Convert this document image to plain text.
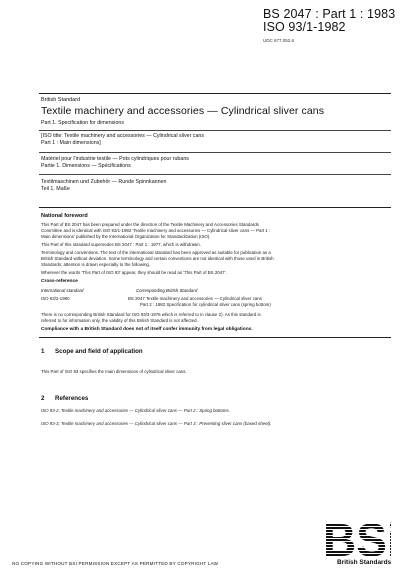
BS 2047 : Part 1 : 1983
ISO 93/1-1982
UDC 677.052.6
British Standard
Textile machinery and accessories — Cylindrical sliver cans
Part 1. Specification for dimensions
[ISO title: Textile machinery and accessories — Cylindrical sliver cans
Part 1 : Main dimensions]
Matériel pour l'industrie textile — Pots cylindriques pour rubans
Partie 1. Dimensions — Spécifications
Textilmaschinen und Zubehör — Runde Spinnkannen
Teil 1. Maße
National foreword
This Part of BS 2047 has been prepared under the direction of the Textile Machinery and Accessories Standards
Committee and is identical with ISO 93/1-1982 'Textile machinery and accessories — Cylindrical sliver cans — Part 1 :
Main dimensions' published by the International Organization for Standardization (ISO).
This Part of this standard supersedes BS 2047 : Part 1 : 1977, which is withdrawn.
Terminology and conventions. The text of the international standard has been approved as suitable for publication as a
British Standard without deviation. Some terminology and certain conventions are not identical with those used in British
Standards; attention is drawn especially to the following.
Wherever the words 'This Part of ISO 93' appear, they should be read as 'This Part of BS 2047'.
Cross-reference
International standard	Corresponding British Standard
ISO 93/2-1980	BS 2047 Textile machinery and accessories — Cylindrical sliver cans
Part 2 : 1982 Specification for cylindrical sliver cans (spring bottom)
There is no corresponding British Standard for ISO 93/3-1976 which is referred to in clause 2). As this standard is
referred to for information only, the validity of this British Standard is not affected.
Compliance with a British Standard does not of itself confer immunity from legal obligations.
1 Scope and field of application
This Part of ISO 93 specifies the main dimensions of cylindrical sliver cans.
2 References
ISO 93-2, Textile machinery and accessories — Cylindrical sliver cans — Part 2 : Spring bottoms.
ISO 93-3, Textile machinery and accessories — Cylindrical sliver cans — Part 3 : Preventing sliver cans (based sheet).
NO COPYING WITHOUT BSI PERMISSION EXCEPT AS PERMITTED BY COPYRIGHT LAW	British Standards
